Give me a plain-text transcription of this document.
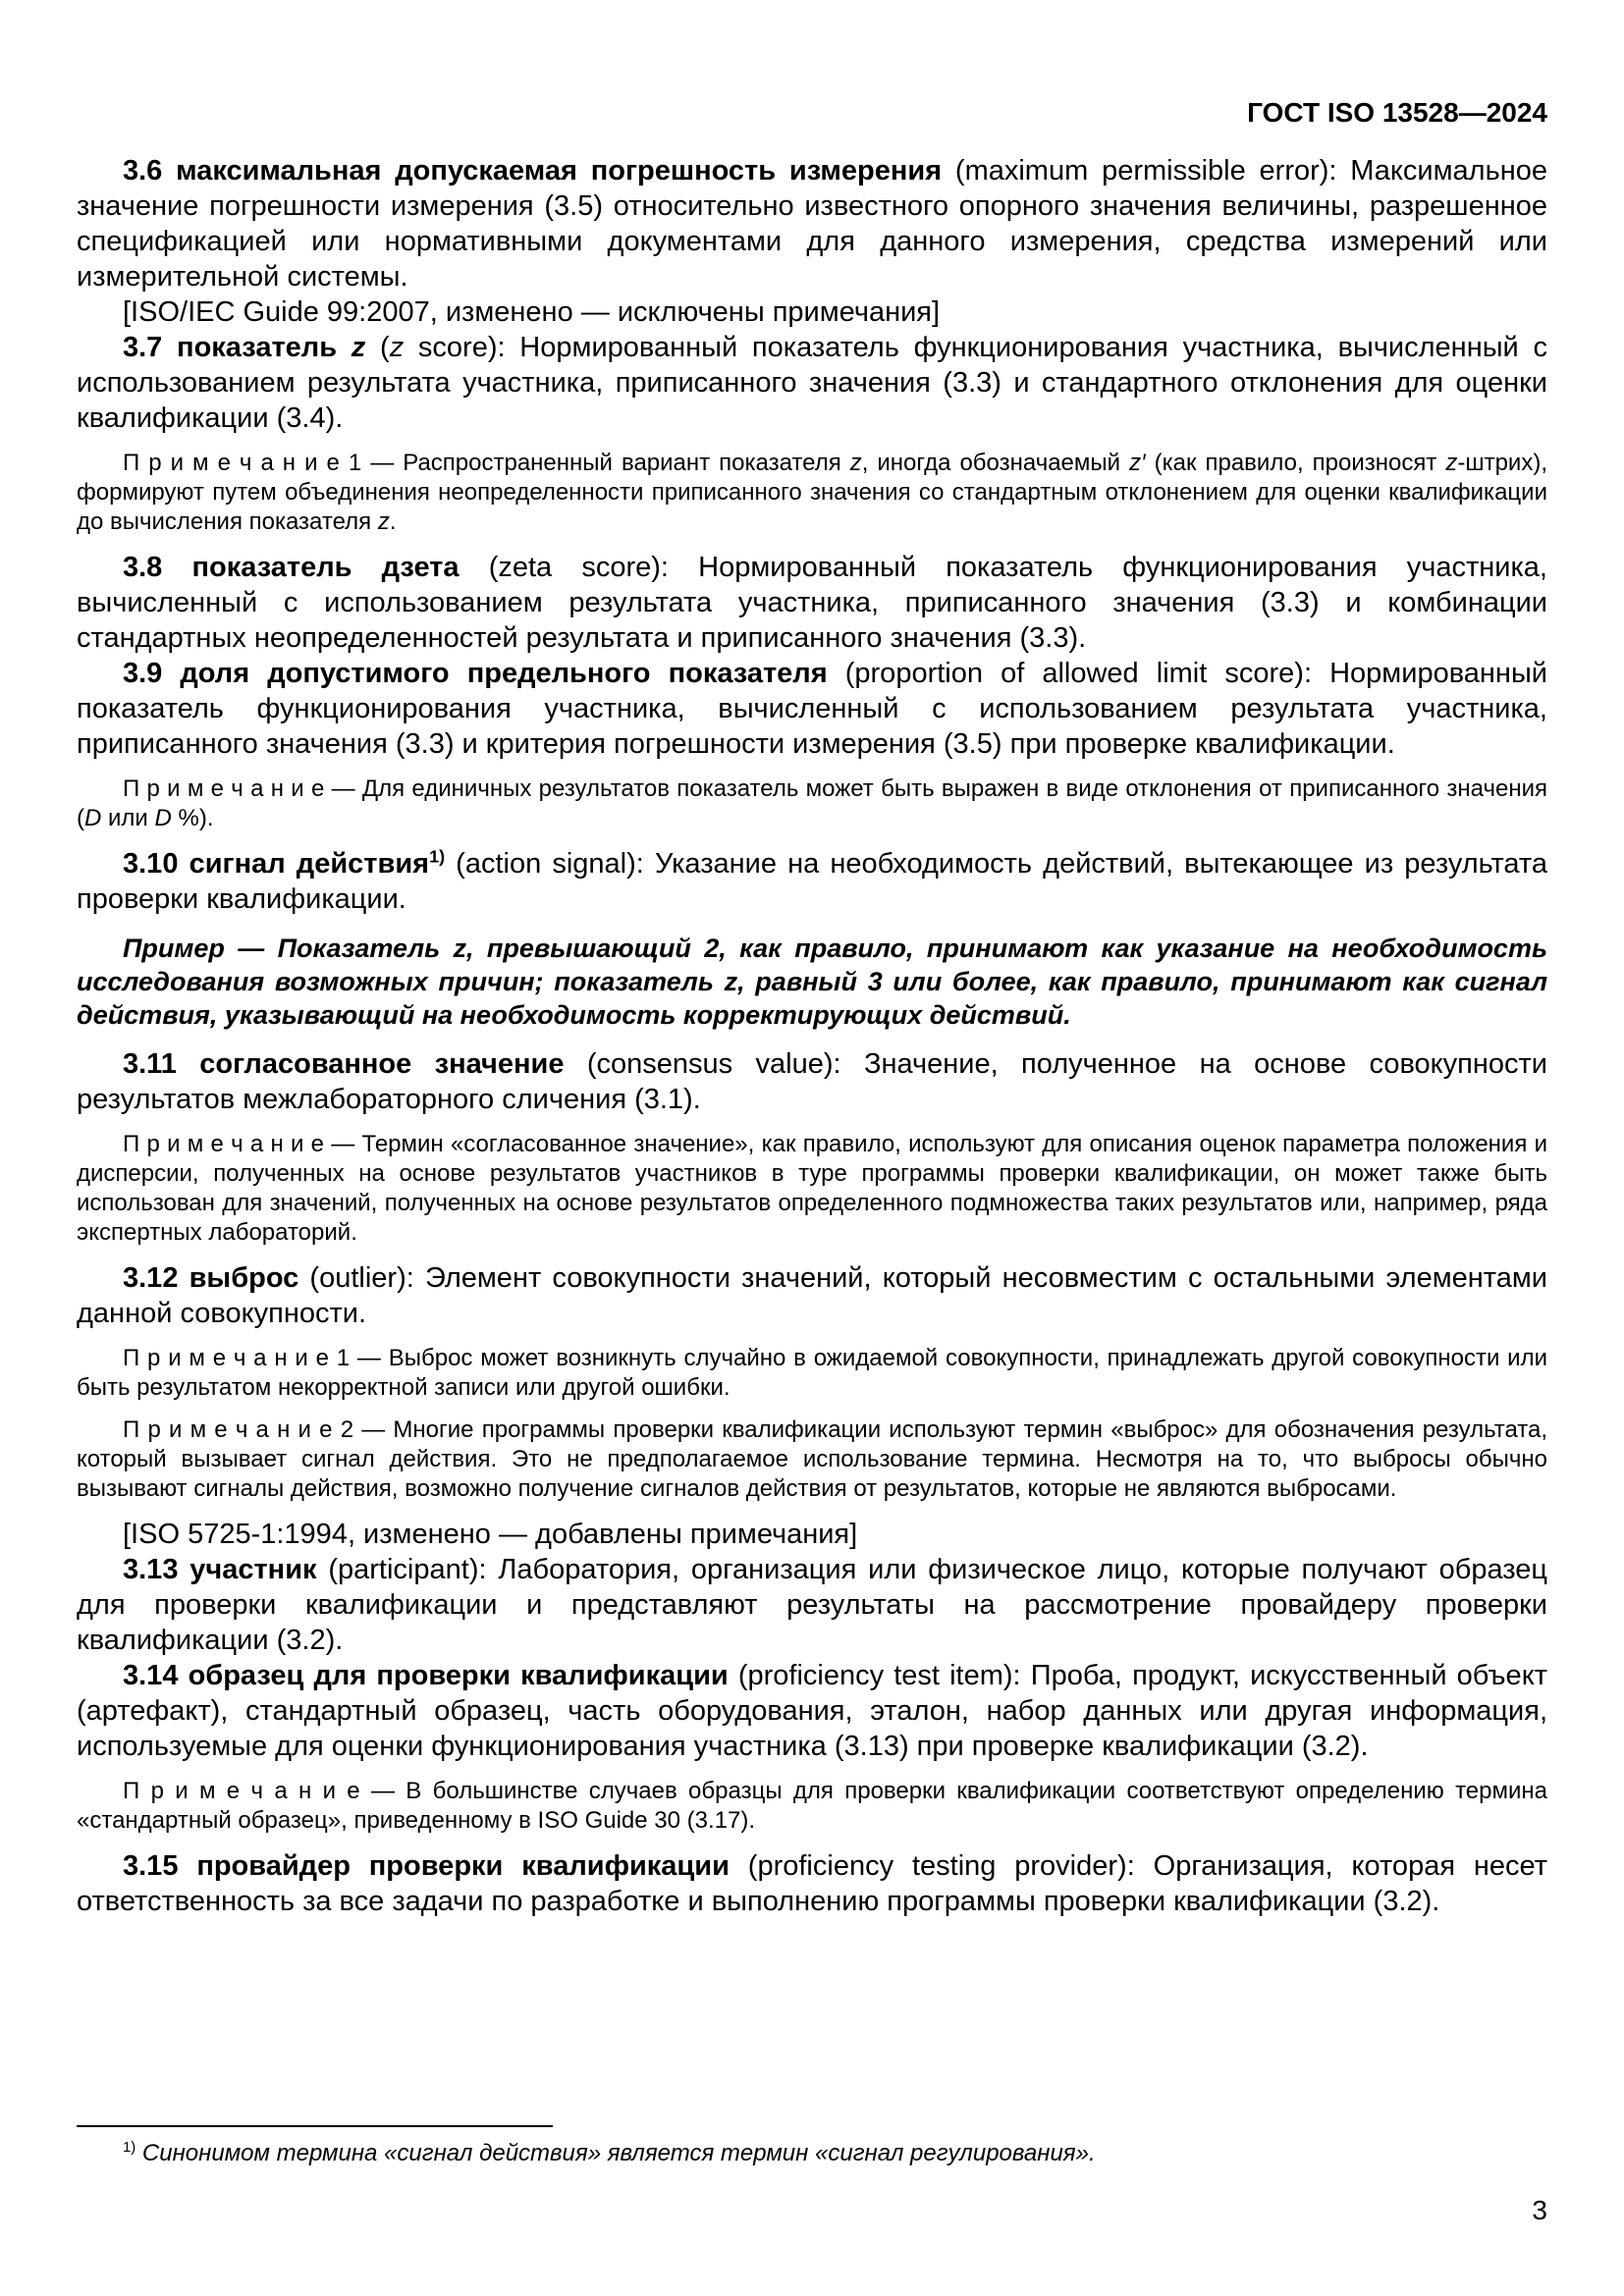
ГОСТ ISO 13528—2024

3.6 максимальная допускаемая погрешность измерения (maximum permissible error): Максимальное значение погрешности измерения (3.5) относительно известного опорного значения величины, разрешенное спецификацией или нормативными документами для данного измерения, средства измерений или измерительной системы.

[ISO/IEC Guide 99:2007, изменено — исключены примечания]

3.7 показатель z (z score): Нормированный показатель функционирования участника, вычисленный с использованием результата участника, приписанного значения (3.3) и стандартного отклонения для оценки квалификации (3.4).

П р и м е ч а н и е 1 — Распространенный вариант показателя z, иногда обозначаемый z′ (как правило, произносят z-штрих), формируют путем объединения неопределенности приписанного значения со стандартным отклонением для оценки квалификации до вычисления показателя z.

3.8 показатель дзета (zeta score): Нормированный показатель функционирования участника, вычисленный с использованием результата участника, приписанного значения (3.3) и комбинации стандартных неопределенностей результата и приписанного значения (3.3).

3.9 доля допустимого предельного показателя (proportion of allowed limit score): Нормированный показатель функционирования участника, вычисленный с использованием результата участника, приписанного значения (3.3) и критерия погрешности измерения (3.5) при проверке квалификации.

П р и м е ч а н и е — Для единичных результатов показатель может быть выражен в виде отклонения от приписанного значения (D или D %).

3.10 сигнал действия$^{1)}$ (action signal): Указание на необходимость действий, вытекающее из результата проверки квалификации.

Пример — Показатель z, превышающий 2, как правило, принимают как указание на необходимость исследования возможных причин; показатель z, равный 3 или более, как правило, принимают как сигнал действия, указывающий на необходимость корректирующих действий.

3.11 согласованное значение (consensus value): Значение, полученное на основе совокупности результатов межлабораторного сличения (3.1).

П р и м е ч а н и е — Термин «согласованное значение», как правило, используют для описания оценок параметра положения и дисперсии, полученных на основе результатов участников в туре программы проверки квалификации, он может также быть использован для значений, полученных на основе результатов определенного подмножества таких результатов или, например, ряда экспертных лабораторий.

3.12 выброс (outlier): Элемент совокупности значений, который несовместим с остальными элементами данной совокупности.

П р и м е ч а н и е 1 — Выброс может возникнуть случайно в ожидаемой совокупности, принадлежать другой совокупности или быть результатом некорректной записи или другой ошибки.

П р и м е ч а н и е 2 — Многие программы проверки квалификации используют термин «выброс» для обозначения результата, который вызывает сигнал действия. Это не предполагаемое использование термина. Несмотря на то, что выбросы обычно вызывают сигналы действия, возможно получение сигналов действия от результатов, которые не являются выбросами.

[ISO 5725-1:1994, изменено — добавлены примечания]

3.13 участник (participant): Лаборатория, организация или физическое лицо, которые получают образец для проверки квалификации и представляют результаты на рассмотрение провайдеру проверки квалификации (3.2).

3.14 образец для проверки квалификации (proficiency test item): Проба, продукт, искусственный объект (артефакт), стандартный образец, часть оборудования, эталон, набор данных или другая информация, используемые для оценки функционирования участника (3.13) при проверке квалификации (3.2).

П р и м е ч а н и е — В большинстве случаев образцы для проверки квалификации соответствуют определению термина «стандартный образец», приведенному в ISO Guide 30 (3.17).

3.15 провайдер проверки квалификации (proficiency testing provider): Организация, которая несет ответственность за все задачи по разработке и выполнению программы проверки квалификации (3.2).

$^{1)}$ Синонимом термина «сигнал действия» является термин «сигнал регулирования».

3
